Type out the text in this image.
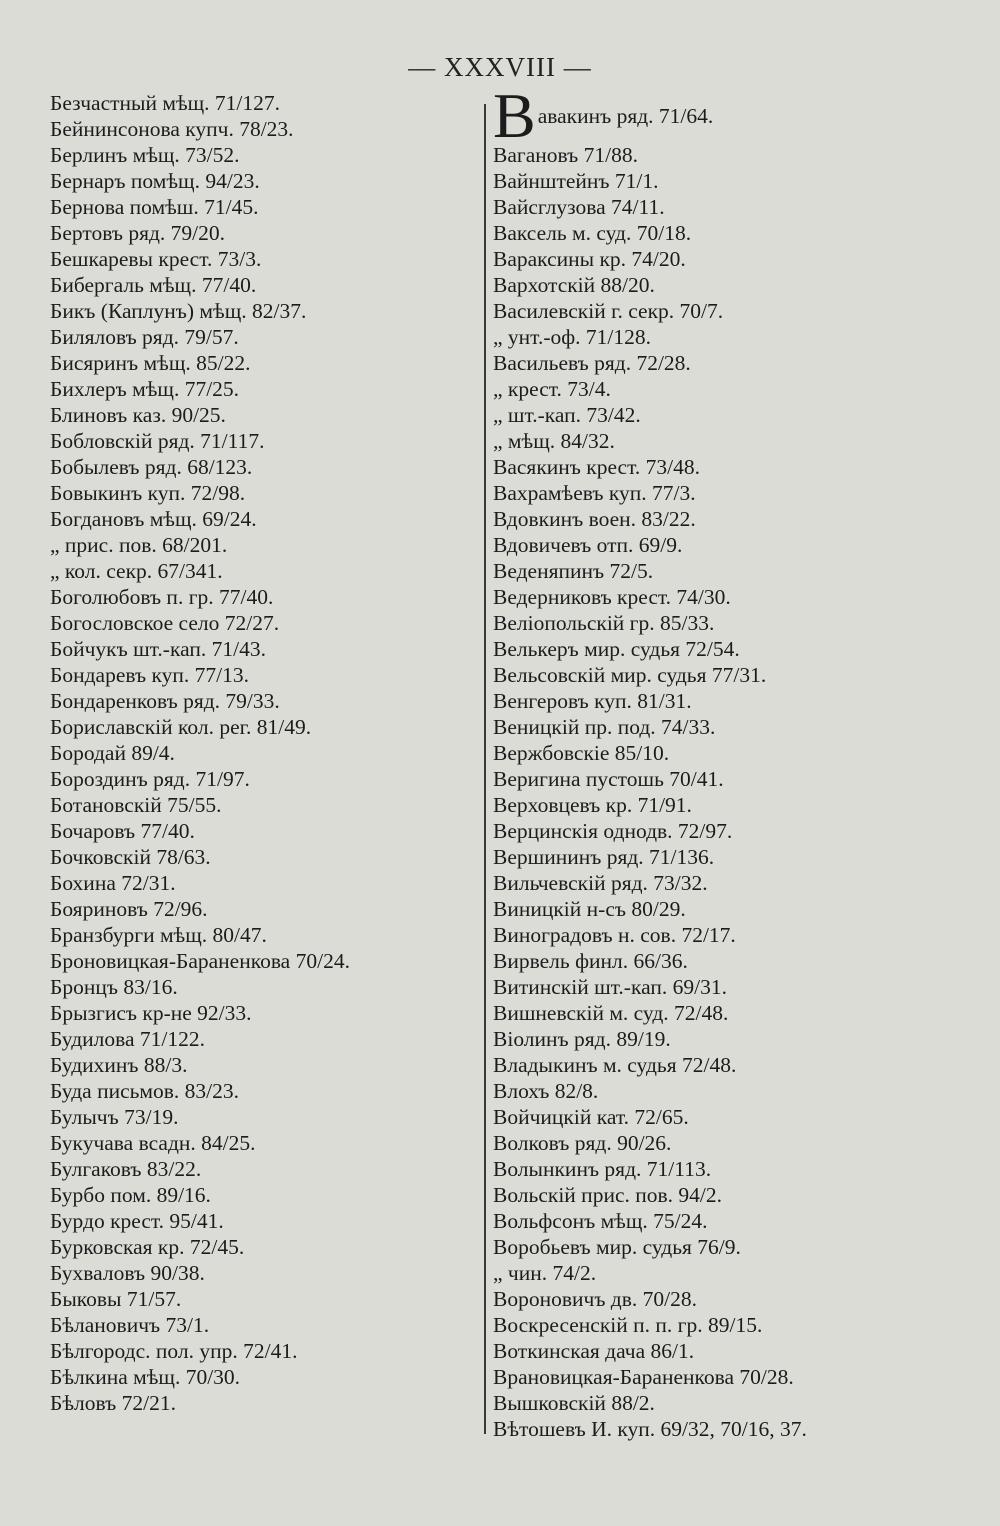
— XXXVIII —
Безчастный мѣщ. 71/127.
Бейнинсонова купч. 78/23.
Берлинъ мѣщ. 73/52.
Бернаръ помѣщ. 94/23.
Бернова помѣш. 71/45.
Бертовъ ряд. 79/20.
Бешкаревы крест. 73/3.
Бибергаль мѣщ. 77/40.
Бикъ (Каплунъ) мѣщ. 82/37.
Биляловъ ряд. 79/57.
Бисяринъ мѣщ. 85/22.
Бихлеръ мѣщ. 77/25.
Блиновъ каз. 90/25.
Бобловскій ряд. 71/117.
Бобылевъ ряд. 68/123.
Бовыкинъ куп. 72/98.
Богдановъ мѣщ. 69/24.
„ прис. пов. 68/201.
„ кол. секр. 67/341.
Боголюбовъ п. гр. 77/40.
Богословское село 72/27.
Бойчукъ шт.-кап. 71/43.
Бондаревъ куп. 77/13.
Бондаренковъ ряд. 79/33.
Бориславскій кол. рег. 81/49.
Бородай 89/4.
Бороздинъ ряд. 71/97.
Ботановскій 75/55.
Бочаровъ 77/40.
Бочковскій 78/63.
Бохина 72/31.
Бояриновъ 72/96.
Бранзбурги мѣщ. 80/47.
Броновицкая-Бараненкова 70/24.
Бронцъ 83/16.
Брызгисъ кр-не 92/33.
Будилова 71/122.
Будихинъ 88/3.
Буда письмов. 83/23.
Булычъ 73/19.
Букучава всадн. 84/25.
Булгаковъ 83/22.
Бурбо пом. 89/16.
Бурдо крест. 95/41.
Бурковская кр. 72/45.
Бухваловъ 90/38.
Быковы 71/57.
Бѣлановичъ 73/1.
Бѣлгородс. пол. упр. 72/41.
Бѣлкина мѣщ. 70/30.
Бѣловъ 72/21.
Вавакинъ ряд. 71/64.
Вагановъ 71/88.
Вайнштейнъ 71/1.
Вайсглузова 74/11.
Ваксель м. суд. 70/18.
Вараксины кр. 74/20.
Вархотскій 88/20.
Василевскій г. секр. 70/7.
„ унт.-оф. 71/128.
Васильевъ ряд. 72/28.
„ крест. 73/4.
„ шт.-кап. 73/42.
„ мѣщ. 84/32.
Васякинъ крест. 73/48.
Вахрамѣевъ куп. 77/3.
Вдовкинъ воен. 83/22.
Вдовичевъ отп. 69/9.
Веденяпинъ 72/5.
Ведерниковъ крест. 74/30.
Веліопольскій гр. 85/33.
Велькеръ мир. судья 72/54.
Вельсовскій мир. судья 77/31.
Венгеровъ куп. 81/31.
Веницкій пр. под. 74/33.
Вержбовскіе 85/10.
Веригина пустошь 70/41.
Верховцевъ кр. 71/91.
Верцинскія однодв. 72/97.
Вершининъ ряд. 71/136.
Вильчевскій ряд. 73/32.
Виницкій н-съ 80/29.
Виноградовъ н. сов. 72/17.
Вирвель финл. 66/36.
Витинскій шт.-кап. 69/31.
Вишневскій м. суд. 72/48.
Віолинъ ряд. 89/19.
Владыкинъ м. судья 72/48.
Влохъ 82/8.
Войчицкій кат. 72/65.
Волковъ ряд. 90/26.
Волынкинъ ряд. 71/113.
Вольскій прис. пов. 94/2.
Вольфсонъ мѣщ. 75/24.
Воробьевъ мир. судья 76/9.
„ чин. 74/2.
Вороновичъ дв. 70/28.
Воскресенскій п. п. гр. 89/15.
Воткинская дача 86/1.
Врановицкая-Бараненкова 70/28.
Вышковскій 88/2.
Вѣтошевъ И. куп. 69/32, 70/16, 37.
